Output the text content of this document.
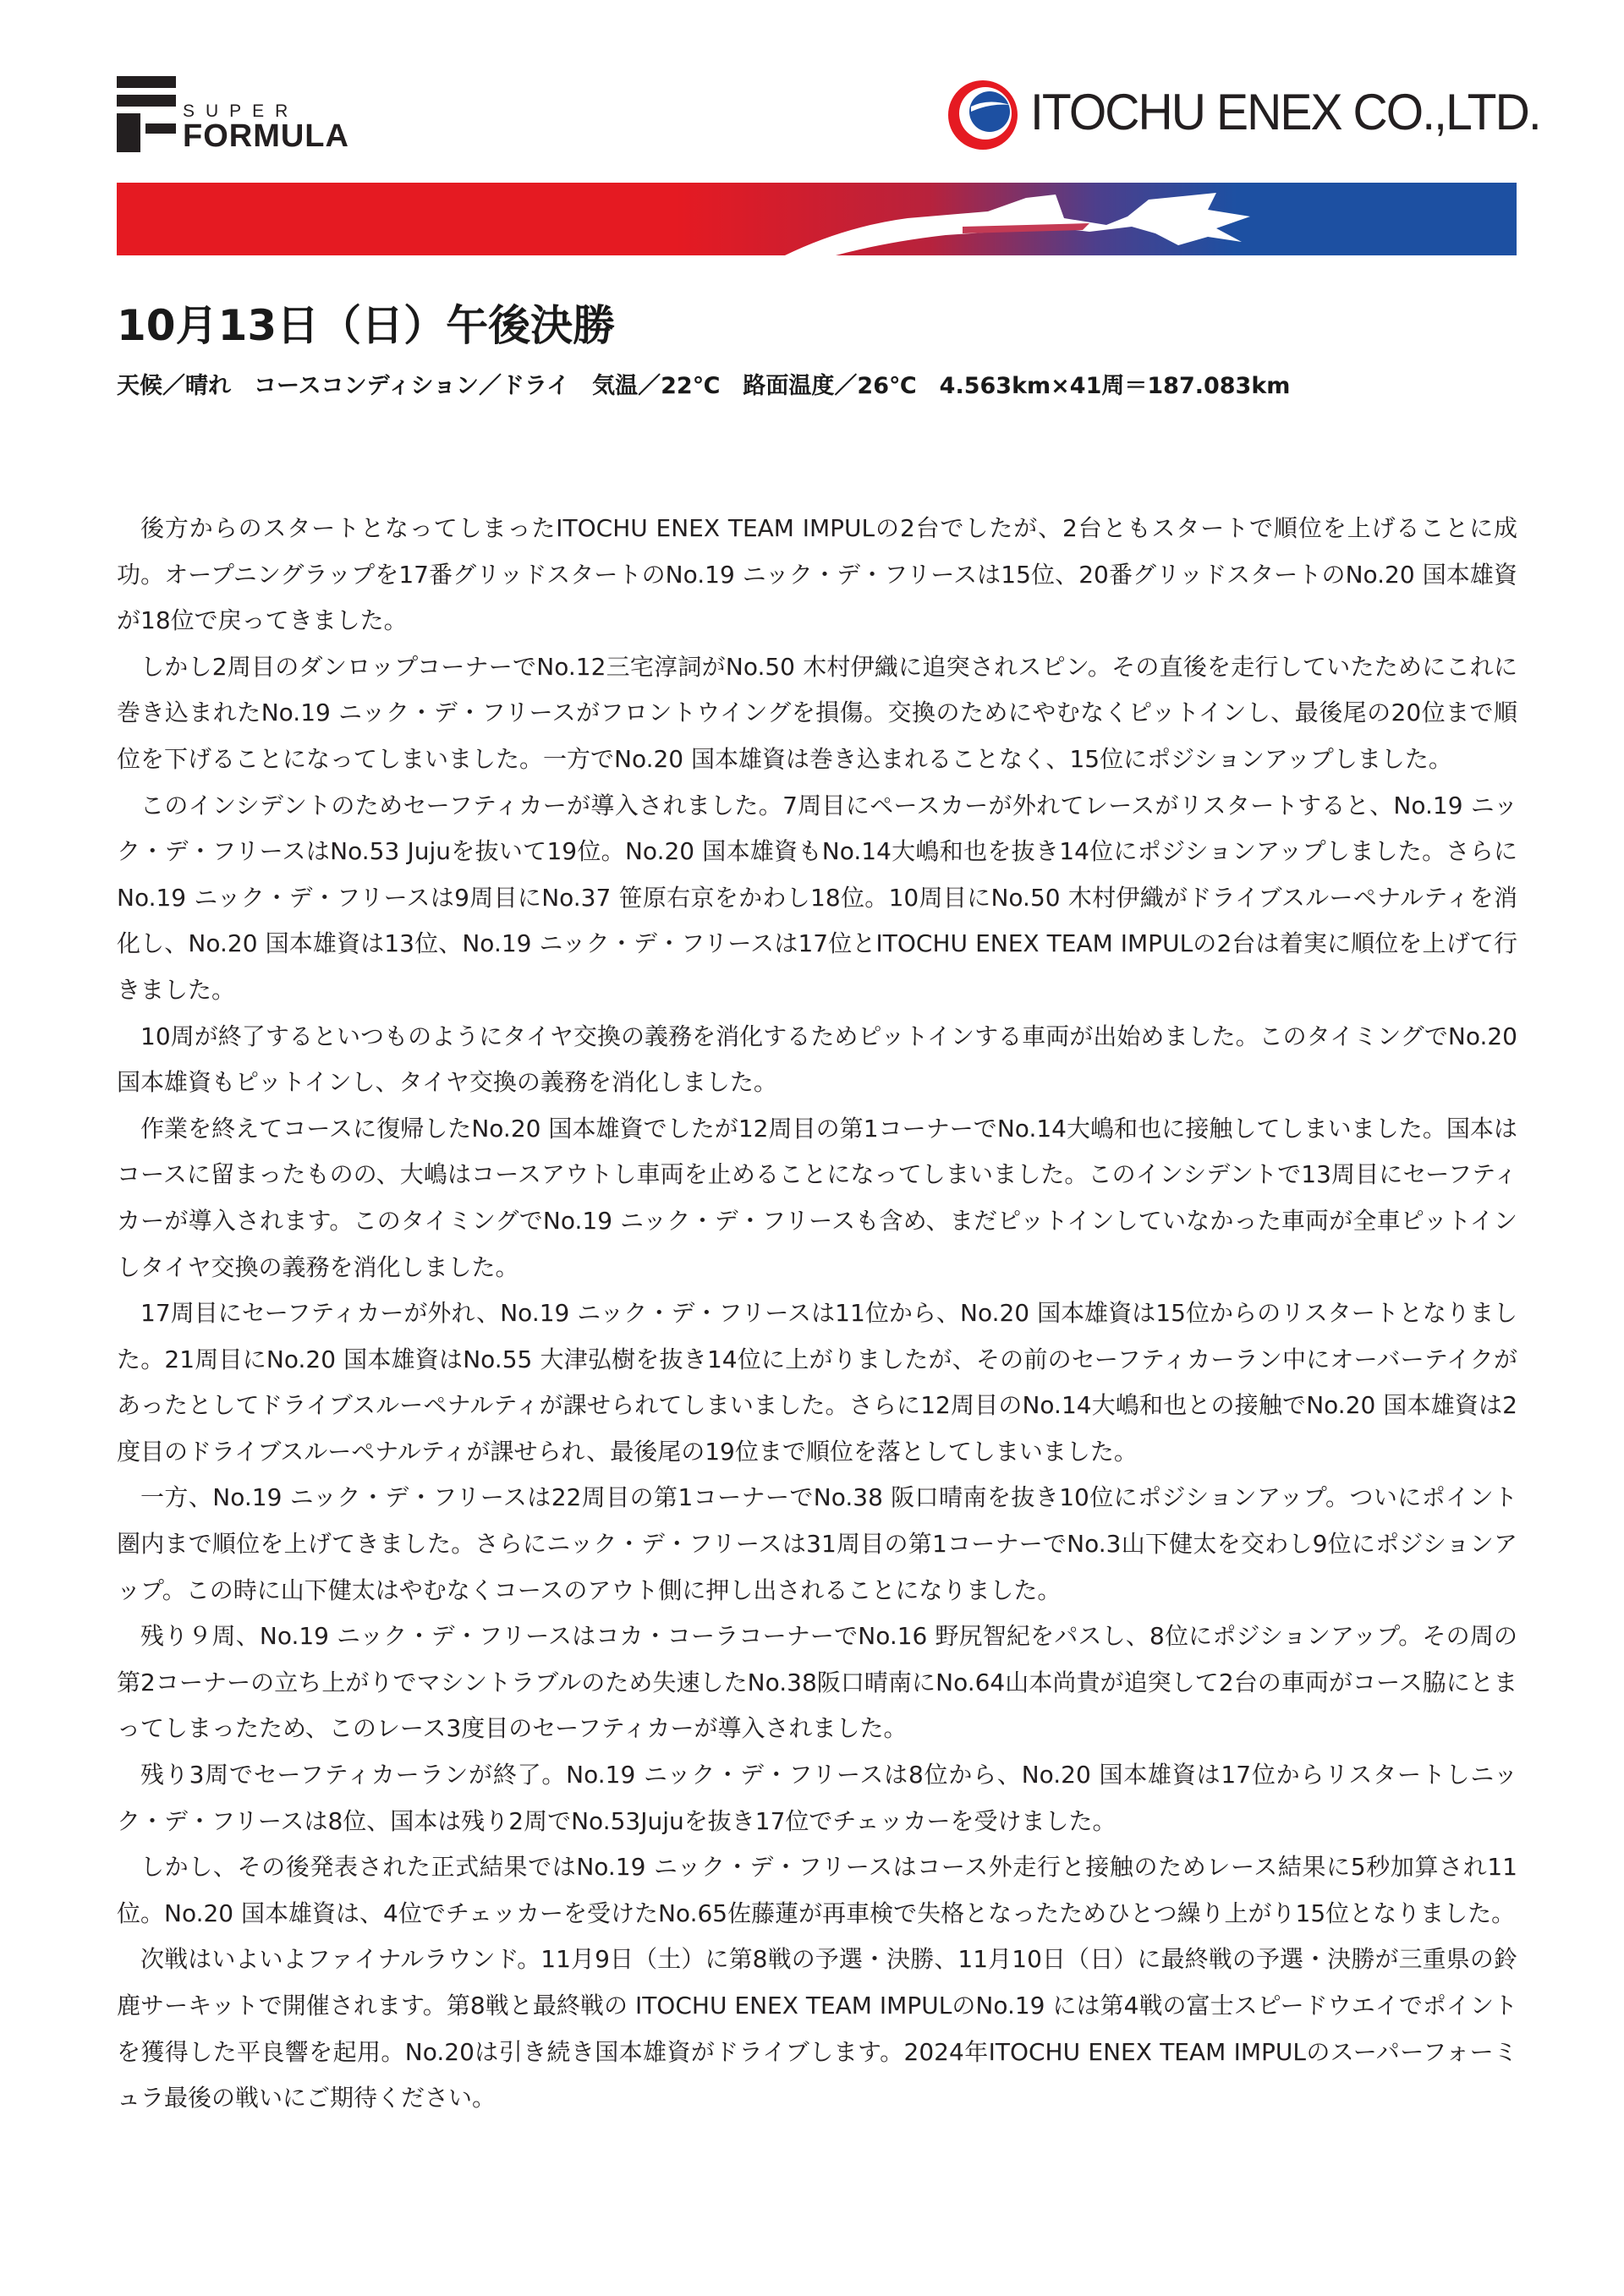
SUPER
FORMULA	ITOCHU ENEX CO.,LTD.
10月13日（日）午後決勝
天候／晴れ　コースコンディション／ドライ　気温／22℃　路面温度／26℃　4.563km×41周＝187.083km

後方からのスタートとなってしまったITOCHU ENEX TEAM IMPULの2台でしたが、2台ともスタートで順位を上げることに成功。オープニングラップを17番グリッドスタートのNo.19 ニック・デ・フリースは15位、20番グリッドスタートのNo.20 国本雄資が18位で戻ってきました。

しかし2周目のダンロップコーナーでNo.12三宅淳詞がNo.50 木村伊織に追突されスピン。その直後を走行していたためにこれに巻き込まれたNo.19 ニック・デ・フリースがフロントウイングを損傷。交換のためにやむなくピットインし、最後尾の20位まで順位を下げることになってしまいました。一方でNo.20 国本雄資は巻き込まれることなく、15位にポジションアップしました。

このインシデントのためセーフティカーが導入されました。7周目にペースカーが外れてレースがリスタートすると、No.19 ニック・デ・フリースはNo.53 Jujuを抜いて19位。No.20 国本雄資もNo.14大嶋和也を抜き14位にポジションアップしました。さらにNo.19 ニック・デ・フリースは9周目にNo.37 笹原右京をかわし18位。10周目にNo.50 木村伊織がドライブスルーペナルティを消化し、No.20 国本雄資は13位、No.19 ニック・デ・フリースは17位とITOCHU ENEX TEAM IMPULの2台は着実に順位を上げて行きました。

10周が終了するといつものようにタイヤ交換の義務を消化するためピットインする車両が出始めました。このタイミングでNo.20 国本雄資もピットインし、タイヤ交換の義務を消化しました。

作業を終えてコースに復帰したNo.20 国本雄資でしたが12周目の第1コーナーでNo.14大嶋和也に接触してしまいました。国本はコースに留まったものの、大嶋はコースアウトし車両を止めることになってしまいました。このインシデントで13周目にセーフティカーが導入されます。このタイミングでNo.19 ニック・デ・フリースも含め、まだピットインしていなかった車両が全車ピットインしタイヤ交換の義務を消化しました。

17周目にセーフティカーが外れ、No.19 ニック・デ・フリースは11位から、No.20 国本雄資は15位からのリスタートとなりました。21周目にNo.20 国本雄資はNo.55 大津弘樹を抜き14位に上がりましたが、その前のセーフティカーラン中にオーバーテイクがあったとしてドライブスルーペナルティが課せられてしまいました。さらに12周目のNo.14大嶋和也との接触でNo.20 国本雄資は2度目のドライブスルーペナルティが課せられ、最後尾の19位まで順位を落としてしまいました。

一方、No.19 ニック・デ・フリースは22周目の第1コーナーでNo.38 阪口晴南を抜き10位にポジションアップ。ついにポイント圏内まで順位を上げてきました。さらにニック・デ・フリースは31周目の第1コーナーでNo.3山下健太を交わし9位にポジションアップ。この時に山下健太はやむなくコースのアウト側に押し出されることになりました。

残り９周、No.19 ニック・デ・フリースはコカ・コーラコーナーでNo.16 野尻智紀をパスし、8位にポジションアップ。その周の第2コーナーの立ち上がりでマシントラブルのため失速したNo.38阪口晴南にNo.64山本尚貴が追突して2台の車両がコース脇にとまってしまったため、このレース3度目のセーフティカーが導入されました。

残り3周でセーフティカーランが終了。No.19 ニック・デ・フリースは8位から、No.20 国本雄資は17位からリスタートしニック・デ・フリースは8位、国本は残り2周でNo.53Jujuを抜き17位でチェッカーを受けました。

しかし、その後発表された正式結果ではNo.19 ニック・デ・フリースはコース外走行と接触のためレース結果に5秒加算され11位。No.20 国本雄資は、4位でチェッカーを受けたNo.65佐藤蓮が再車検で失格となったためひとつ繰り上がり15位となりました。

次戦はいよいよファイナルラウンド。11月9日（土）に第8戦の予選・決勝、11月10日（日）に最終戦の予選・決勝が三重県の鈴鹿サーキットで開催されます。第8戦と最終戦の ITOCHU ENEX TEAM IMPULのNo.19 には第4戦の富士スピードウエイでポイントを獲得した平良響を起用。No.20は引き続き国本雄資がドライブします。2024年ITOCHU ENEX TEAM IMPULのスーパーフォーミュラ最後の戦いにご期待ください。
